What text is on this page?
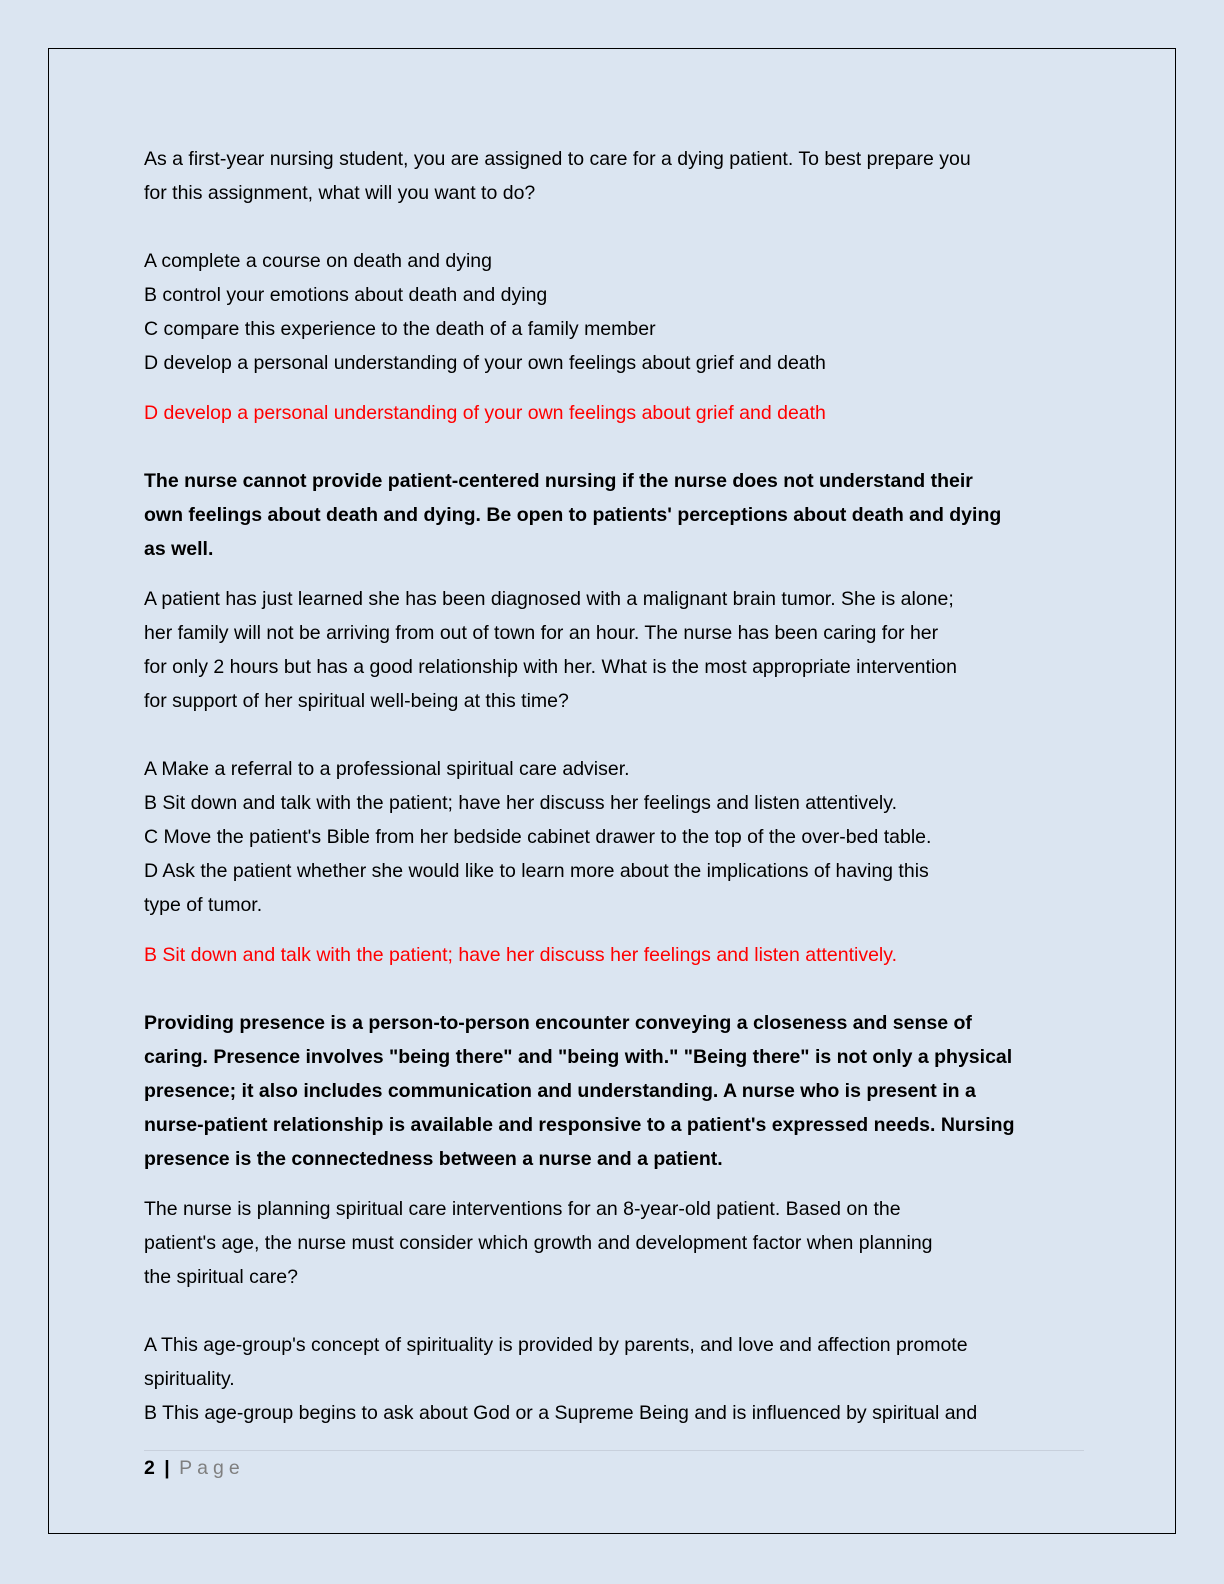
As a first-year nursing student, you are assigned to care for a dying patient. To best prepare you

for this assignment, what will you want to do?

A complete a course on death and dying

B control your emotions about death and dying

C compare this experience to the death of a family member

D develop a personal understanding of your own feelings about grief and death

D develop a personal understanding of your own feelings about grief and death

The nurse cannot provide patient-centered nursing if the nurse does not understand their

own feelings about death and dying. Be open to patients' perceptions about death and dying

as well.

A patient has just learned she has been diagnosed with a malignant brain tumor. She is alone;

her family will not be arriving from out of town for an hour. The nurse has been caring for her

for only 2 hours but has a good relationship with her. What is the most appropriate intervention

for support of her spiritual well-being at this time?

A Make a referral to a professional spiritual care adviser.

B Sit down and talk with the patient; have her discuss her feelings and listen attentively.

C Move the patient's Bible from her bedside cabinet drawer to the top of the over-bed table.

D Ask the patient whether she would like to learn more about the implications of having this

type of tumor.

B Sit down and talk with the patient; have her discuss her feelings and listen attentively.

Providing presence is a person-to-person encounter conveying a closeness and sense of

caring. Presence involves "being there" and "being with." "Being there" is not only a physical

presence; it also includes communication and understanding. A nurse who is present in a

nurse-patient relationship is available and responsive to a patient's expressed needs. Nursing

presence is the connectedness between a nurse and a patient.

The nurse is planning spiritual care interventions for an 8-year-old patient. Based on the

patient's age, the nurse must consider which growth and development factor when planning

the spiritual care?

A This age-group's concept of spirituality is provided by parents, and love and affection promote

spirituality.

B This age-group begins to ask about God or a Supreme Being and is influenced by spiritual and

2 | Page
